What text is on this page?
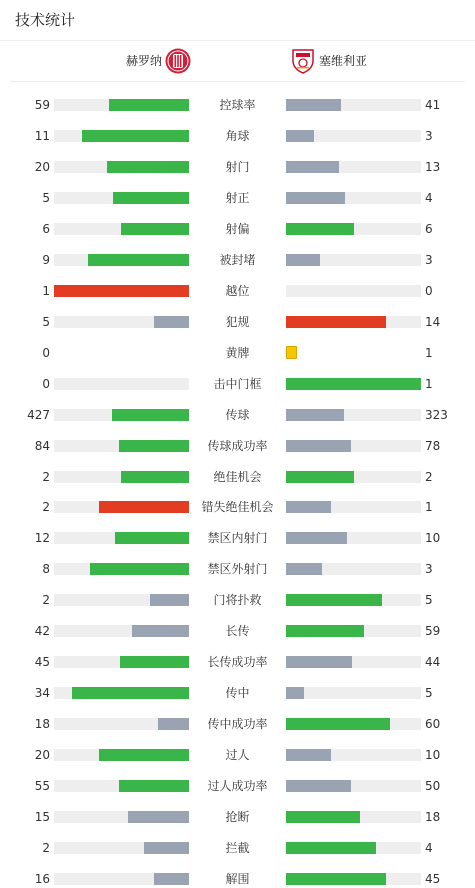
技术统计
赫罗纳	塞维利亚
59	控球率	41
11	角球	3
20	射门	13
5	射正	4
6	射偏	6
9	被封堵	3
1	越位	0
5	犯规	14
0	黄牌	1
0	击中门框	1
427	传球	323
84	传球成功率	78
2	绝佳机会	2
2	错失绝佳机会	1
12	禁区内射门	10
8	禁区外射门	3
2	门将扑救	5
42	长传	59
45	长传成功率	44
34	传中	5
18	传中成功率	60
20	过人	10
55	过人成功率	50
15	抢断	18
2	拦截	4
16	解围	45
